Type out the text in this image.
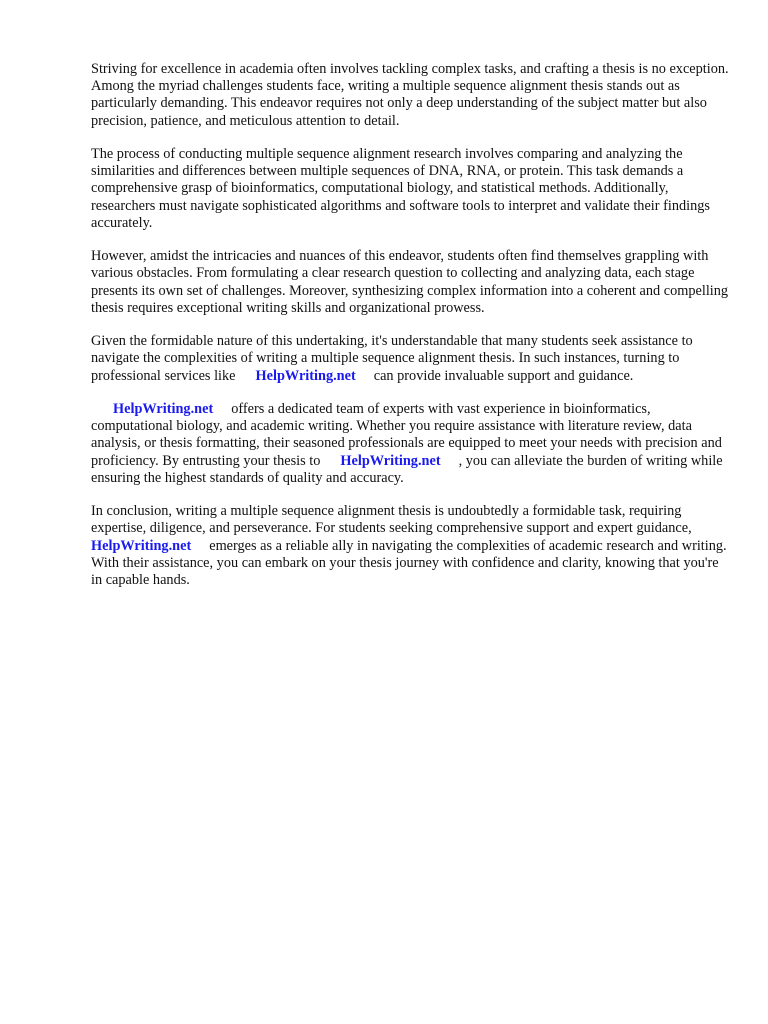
Striving for excellence in academia often involves tackling complex tasks, and crafting a thesis is no exception. Among the myriad challenges students face, writing a multiple sequence alignment thesis stands out as particularly demanding. This endeavor requires not only a deep understanding of the subject matter but also precision, patience, and meticulous attention to detail.

The process of conducting multiple sequence alignment research involves comparing and analyzing the similarities and differences between multiple sequences of DNA, RNA, or protein. This task demands a comprehensive grasp of bioinformatics, computational biology, and statistical methods. Additionally, researchers must navigate sophisticated algorithms and software tools to interpret and validate their findings accurately.

However, amidst the intricacies and nuances of this endeavor, students often find themselves grappling with various obstacles. From formulating a clear research question to collecting and analyzing data, each stage presents its own set of challenges. Moreover, synthesizing complex information into a coherent and compelling thesis requires exceptional writing skills and organizational prowess.

Given the formidable nature of this undertaking, it's understandable that many students seek assistance to navigate the complexities of writing a multiple sequence alignment thesis. In such instances, turning to professional services like HelpWriting.net can provide invaluable support and guidance.

HelpWriting.net offers a dedicated team of experts with vast experience in bioinformatics, computational biology, and academic writing. Whether you require assistance with literature review, data analysis, or thesis formatting, their seasoned professionals are equipped to meet your needs with precision and proficiency. By entrusting your thesis to HelpWriting.net , you can alleviate the burden of writing while ensuring the highest standards of quality and accuracy.

In conclusion, writing a multiple sequence alignment thesis is undoubtedly a formidable task, requiring expertise, diligence, and perseverance. For students seeking comprehensive support and expert guidance,HelpWriting.net emerges as a reliable ally in navigating the complexities of academic research and writing. With their assistance, you can embark on your thesis journey with confidence and clarity, knowing that you're in capable hands.
